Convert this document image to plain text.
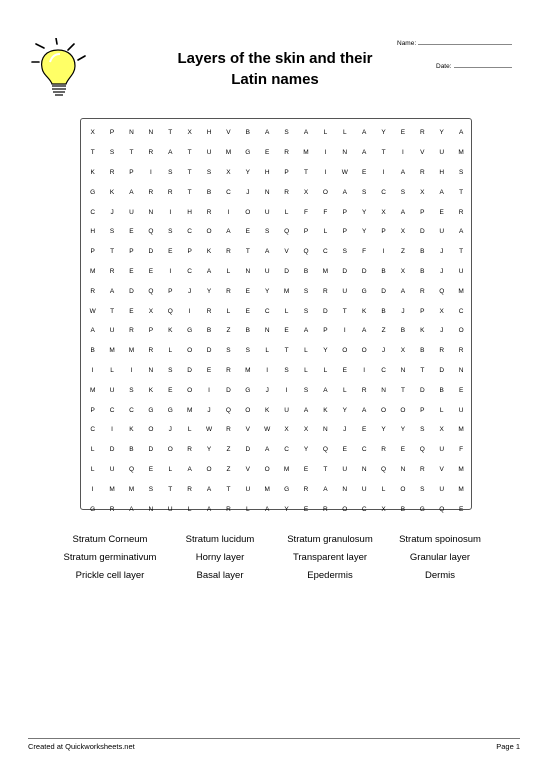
Layers of the skin and their
Latin names
Name:
Date:
X	P	N	N	T	X	H	V	B	A	S	A	L	L	A	Y	E	R	Y	A
T	S	T	R	A	T	U	M	G	E	R	M	I	N	A	T	I	V	U	M
K	R	P	I	S	T	S	X	Y	H	P	T	I	W	E	I	A	R	H	S
G	K	A	R	R	T	B	C	J	N	R	X	O	A	S	C	S	X	A	T
C	J	U	N	I	H	R	I	O	U	L	F	F	P	Y	X	A	P	E	R
H	S	E	Q	S	C	O	A	E	S	Q	P	L	P	Y	P	X	D	U	A
P	T	P	D	E	P	K	R	T	A	V	Q	C	S	F	I	Z	B	J	T
M	R	E	E	I	C	A	L	N	U	D	B	M	D	D	B	X	B	J	U
R	A	D	Q	P	J	Y	R	E	Y	M	S	R	U	G	D	A	R	Q	M
W	T	E	X	Q	I	R	L	E	C	L	S	D	T	K	B	J	P	X	C
A	U	R	P	K	G	B	Z	B	N	E	A	P	I	A	Z	B	K	J	O
B	M	M	R	L	O	D	S	S	L	T	L	Y	O	O	J	X	B	R	R
I	L	I	N	S	D	E	R	M	I	S	L	L	E	I	C	N	T	D	N
M	U	S	K	E	O	I	D	G	J	I	S	A	L	R	N	T	D	B	E
P	C	C	G	G	M	J	Q	O	K	U	A	K	Y	A	O	O	P	L	U
C	I	K	O	J	L	W	R	V	W	X	X	N	J	E	Y	Y	S	X	M
L	D	B	D	O	R	Y	Z	D	A	C	Y	Q	E	C	R	E	Q	U	F
L	U	Q	E	L	A	O	Z	V	O	M	E	T	U	N	Q	N	R	V	M
I	M	M	S	T	R	A	T	U	M	G	R	A	N	U	L	O	S	U	M
G	R	A	N	U	L	A	R	L	A	Y	E	R	O	C	X	B	G	Q	E
Stratum Corneum	Stratum lucidum	Stratum granulosum	Stratum spoinosum
Stratum germinativum	Horny layer	Transparent layer	Granular layer
Prickle cell layer	Basal layer	Epedermis	Dermis
Created at Quickworksheets.net	Page 1
